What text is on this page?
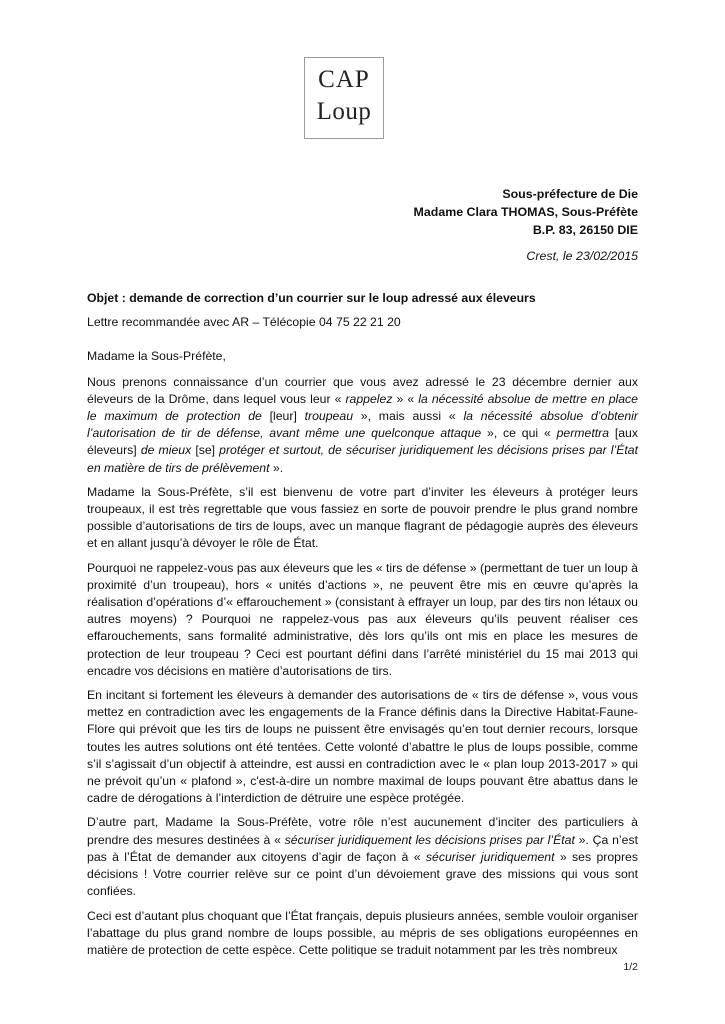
CAP
Loup
Sous-préfecture de Die
Madame Clara THOMAS, Sous-Préfète
B.P. 83, 26150 DIE
Crest, le 23/02/2015

Objet : demande de correction d’un courrier sur le loup adressé aux éleveurs

Lettre recommandée avec AR – Télécopie 04 75 22 21 20

Madame la Sous-Préfète,

Nous prenons connaissance d’un courrier que vous avez adressé le 23 décembre dernier aux éleveurs de la Drôme, dans lequel vous leur « rappelez » « la nécessité absolue de mettre en place le maximum de protection de [leur] troupeau », mais aussi « la nécessité absolue d’obtenir l’autorisation de tir de défense, avant même une quelconque attaque », ce qui « permettra [aux éleveurs] de mieux [se] protéger et surtout, de sécuriser juridiquement les décisions prises par l’État en matière de tirs de prélèvement ».

Madame la Sous-Préfète, s’il est bienvenu de votre part d’inviter les éleveurs à protéger leurs troupeaux, il est très regrettable que vous fassiez en sorte de pouvoir prendre le plus grand nombre possible d’autorisations de tirs de loups, avec un manque flagrant de pédagogie auprès des éleveurs et en allant jusqu’à dévoyer le rôle de État.

Pourquoi ne rappelez-vous pas aux éleveurs que les « tirs de défense » (permettant de tuer un loup à proximité d’un troupeau), hors « unités d’actions », ne peuvent être mis en œuvre qu’après la réalisation d’opérations d’« effarouchement » (consistant à effrayer un loup, par des tirs non létaux ou autres moyens) ? Pourquoi ne rappelez-vous pas aux éleveurs qu’ils peuvent réaliser ces effarouchements, sans formalité administrative, dès lors qu’ils ont mis en place les mesures de protection de leur troupeau ? Ceci est pourtant défini dans l’arrêté ministériel du 15 mai 2013 qui encadre vos décisions en matière d’autorisations de tirs.

En incitant si fortement les éleveurs à demander des autorisations de « tirs de défense », vous vous mettez en contradiction avec les engagements de la France définis dans la Directive Habitat-Faune-Flore qui prévoit que les tirs de loups ne puissent être envisagés qu’en tout dernier recours, lorsque toutes les autres solutions ont été tentées. Cette volonté d’abattre le plus de loups possible, comme s’il s’agissait d’un objectif à atteindre, est aussi en contradiction avec le « plan loup 2013-2017 » qui ne prévoit qu’un « plafond », c'est-à-dire un nombre maximal de loups pouvant être abattus dans le cadre de dérogations à l’interdiction de détruire une espèce protégée.

D’autre part, Madame la Sous-Préfète, votre rôle n’est aucunement d’inciter des particuliers à prendre des mesures destinées à « sécuriser juridiquement les décisions prises par l’État ». Ça n’est pas à l’État de demander aux citoyens d’agir de façon à « sécuriser juridiquement » ses propres décisions ! Votre courrier relève sur ce point d’un dévoiement grave des missions qui vous sont confiées.

Ceci est d’autant plus choquant que l’État français, depuis plusieurs années, semble vouloir organiser l’abattage du plus grand nombre de loups possible, au mépris de ses obligations européennes en matière de protection de cette espèce. Cette politique se traduit notamment par les très nombreux

1/2
